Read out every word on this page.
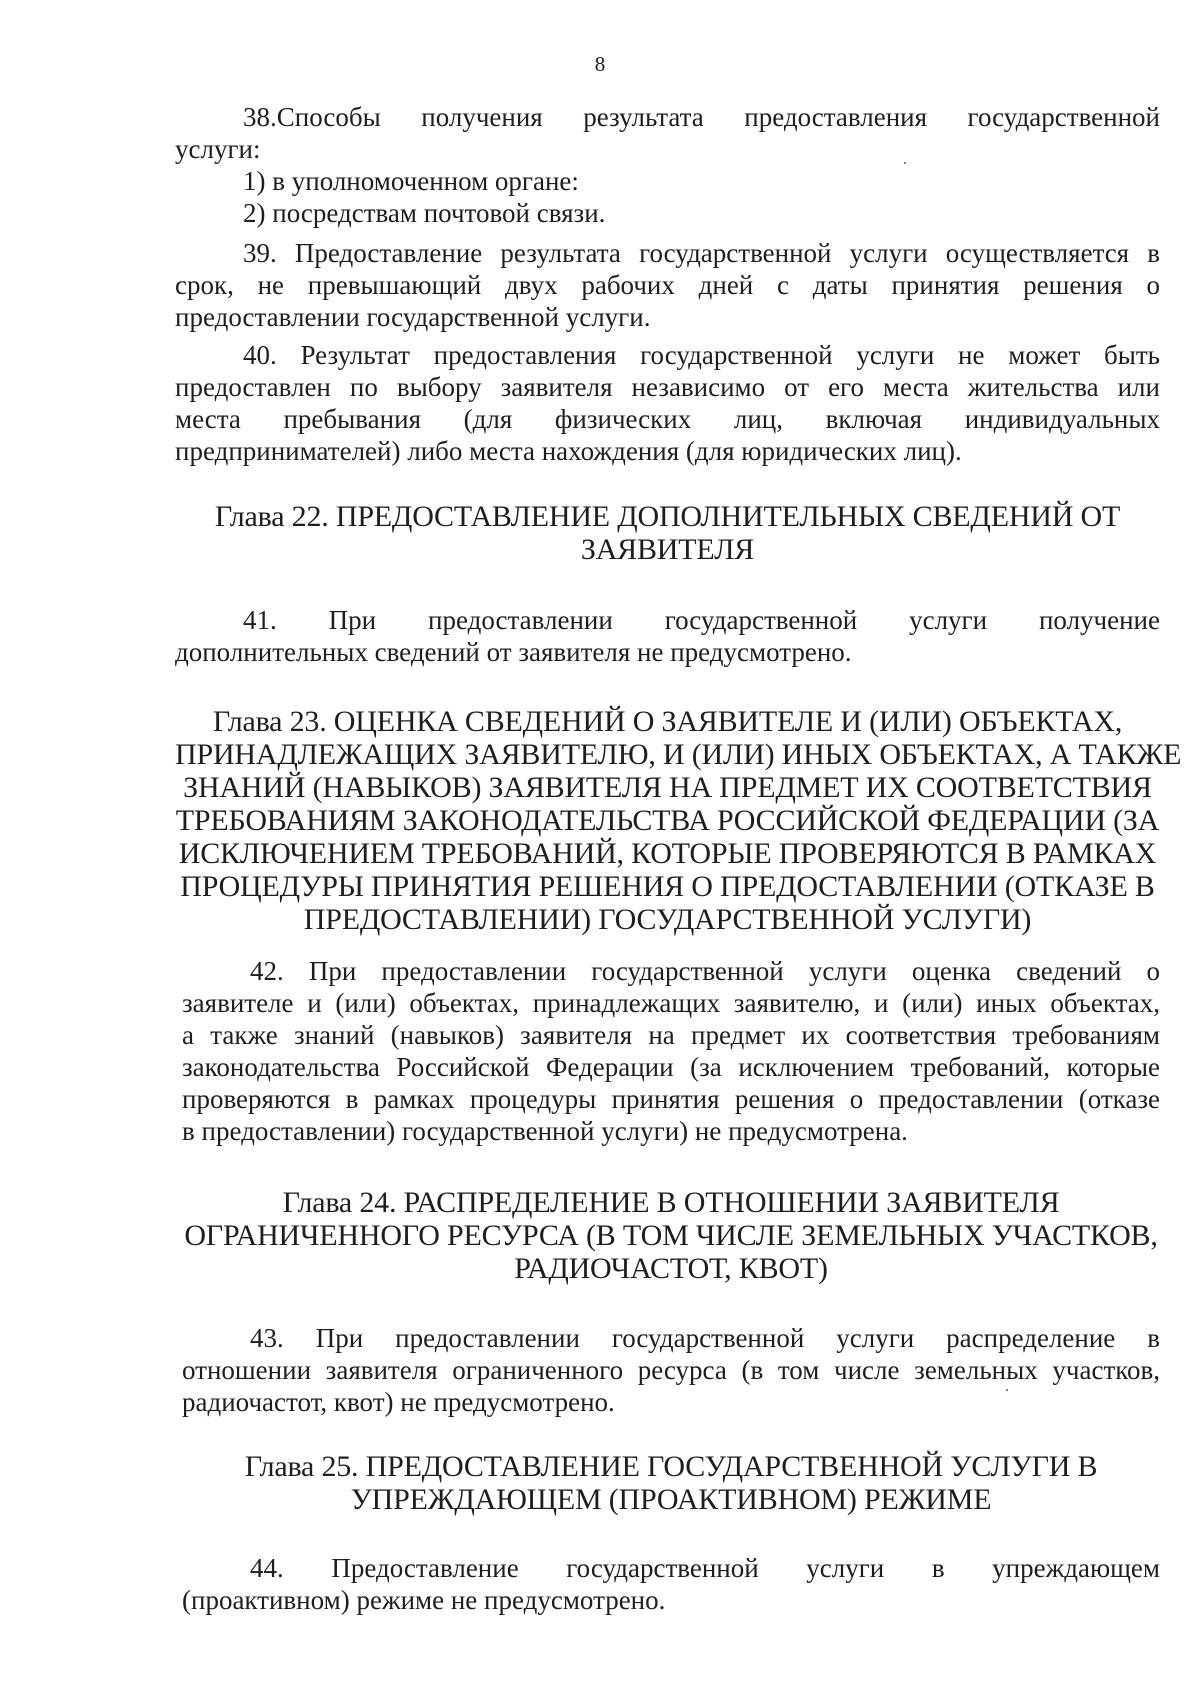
8
38.Способы получения результата предоставления государственной
услуги:
1) в уполномоченном органе:
2) посредствам почтовой связи.
39. Предоставление результата государственной услуги осуществляется в
срок, не превышающий двух рабочих дней с даты принятия решения о
предоставлении государственной услуги.
40. Результат предоставления государственной услуги не может быть
предоставлен по выбору заявителя независимо от его места жительства или
места пребывания (для физических лиц, включая индивидуальных
предпринимателей) либо места нахождения (для юридических лиц).
Глава 22. ПРЕДОСТАВЛЕНИЕ ДОПОЛНИТЕЛЬНЫХ СВЕДЕНИЙ ОТ
ЗАЯВИТЕЛЯ
41. При предоставлении государственной услуги получение
дополнительных сведений от заявителя не предусмотрено.
Глава 23. ОЦЕНКА СВЕДЕНИЙ О ЗАЯВИТЕЛЕ И (ИЛИ) ОБЪЕКТАХ,
ПРИНАДЛЕЖАЩИХ ЗАЯВИТЕЛЮ, И (ИЛИ) ИНЫХ ОБЪЕКТАХ, А ТАКЖЕ
ЗНАНИЙ (НАВЫКОВ) ЗАЯВИТЕЛЯ НА ПРЕДМЕТ ИХ СООТВЕТСТВИЯ
ТРЕБОВАНИЯМ ЗАКОНОДАТЕЛЬСТВА РОССИЙСКОЙ ФЕДЕРАЦИИ (ЗА
ИСКЛЮЧЕНИЕМ ТРЕБОВАНИЙ, КОТОРЫЕ ПРОВЕРЯЮТСЯ В РАМКАХ
ПРОЦЕДУРЫ ПРИНЯТИЯ РЕШЕНИЯ О ПРЕДОСТАВЛЕНИИ (ОТКАЗЕ В
ПРЕДОСТАВЛЕНИИ) ГОСУДАРСТВЕННОЙ УСЛУГИ)
42. При предоставлении государственной услуги оценка сведений о
заявителе и (или) объектах, принадлежащих заявителю, и (или) иных объектах,
а также знаний (навыков) заявителя на предмет их соответствия требованиям
законодательства Российской Федерации (за исключением требований, которые
проверяются в рамках процедуры принятия решения о предоставлении (отказе
в предоставлении) государственной услуги) не предусмотрена.
Глава 24. РАСПРЕДЕЛЕНИЕ В ОТНОШЕНИИ ЗАЯВИТЕЛЯ
ОГРАНИЧЕННОГО РЕСУРСА (В ТОМ ЧИСЛЕ ЗЕМЕЛЬНЫХ УЧАСТКОВ,
РАДИОЧАСТОТ, КВОТ)
43. При предоставлении государственной услуги распределение в
отношении заявителя ограниченного ресурса (в том числе земельных участков,
радиочастот, квот) не предусмотрено.
Глава 25. ПРЕДОСТАВЛЕНИЕ ГОСУДАРСТВЕННОЙ УСЛУГИ В
УПРЕЖДАЮЩЕМ (ПРОАКТИВНОМ) РЕЖИМЕ
44. Предоставление государственной услуги в упреждающем
(проактивном) режиме не предусмотрено.
